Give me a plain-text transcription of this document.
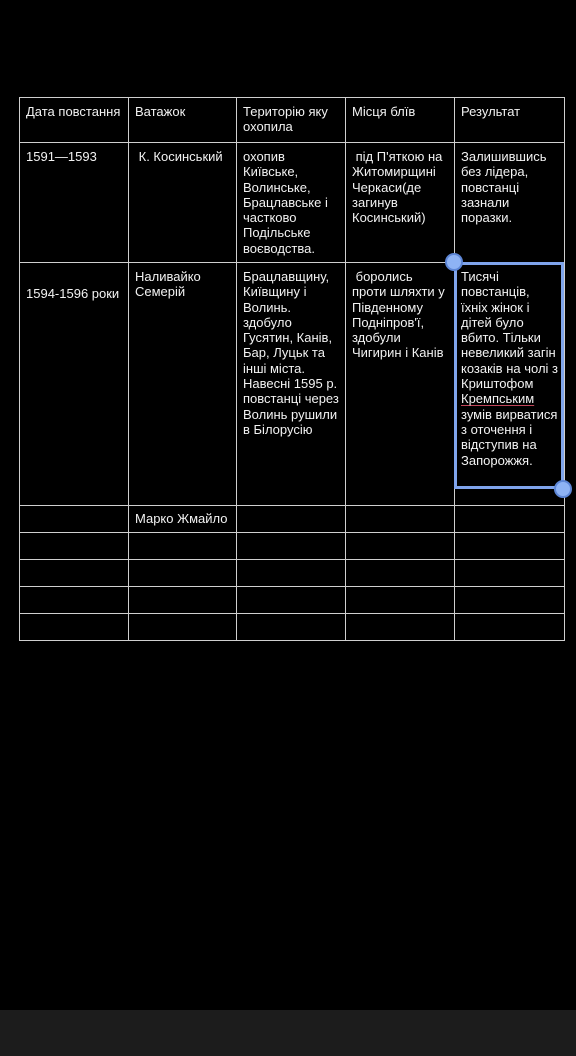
Дата повстання	Ватажок	Територію яку охопила	Місця блїв	Результат
1591—1593	К. Косинський	охопив Київське, Волинське, Брацлавське і частково Подільське воєводства.	під П'яткою на Житомирщині Черкаси(де загинув Косинський)	Залишившись без лідера, повстанці зазнали поразки.
1594-1596 роки	Наливайко Семерій	Брацлавщину, Київщину і Волинь. здобуло Гусятин, Канів, Бар, Луцьк та інші міста. Навесні 1595 р. повстанці через Волинь рушили в Білорусію	боролись проти шляхти у Південному Подніпров'ї, здобули Чигирин і Канів	Тисячі повстанців, їхніх жінок і дітей було вбито. Тільки невеликий загін козаків на чолі з Криштофом Кремпським зумів вирватися з оточення і відступив на Запорожжя.
	Марко Жмайло			
